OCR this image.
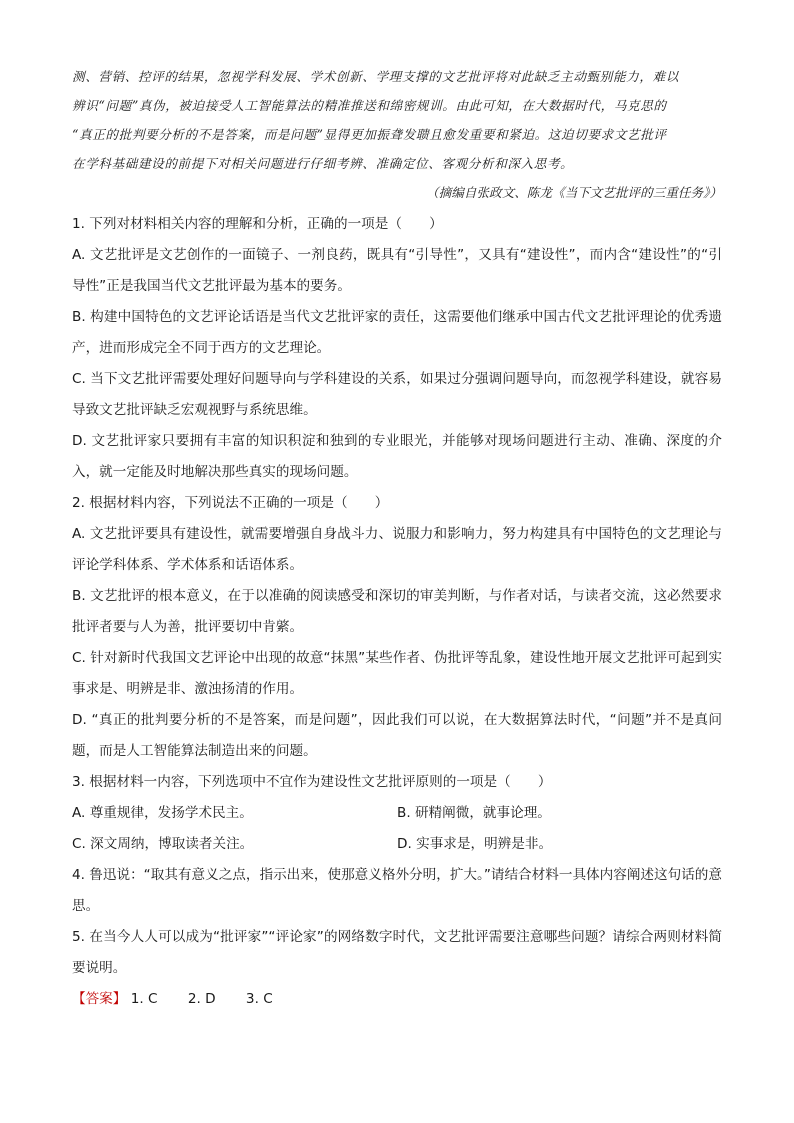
测、营销、控评的结果，忽视学科发展、学术创新、学理支撑的文艺批评将对此缺乏主动甄别能力，难以

辨识“问题”真伪，被迫接受人工智能算法的精准推送和绵密规训。由此可知，在大数据时代，马克思的

“真正的批判要分析的不是答案，而是问题”显得更加振聋发聩且愈发重要和紧迫。这迫切要求文艺批评

在学科基础建设的前提下对相关问题进行仔细考辨、准确定位、客观分析和深入思考。

（摘编自张政文、陈龙《当下文艺批评的三重任务》）

1. 下列对材料相关内容的理解和分析，正确的一项是（　　）

A. 文艺批评是文艺创作的一面镜子、一剂良药，既具有“引导性”，又具有“建设性”，而内含“建设性”的“引导性”正是我国当代文艺批评最为基本的要务。

B. 构建中国特色的文艺评论话语是当代文艺批评家的责任，这需要他们继承中国古代文艺批评理论的优秀遗产，进而形成完全不同于西方的文艺理论。

C. 当下文艺批评需要处理好问题导向与学科建设的关系，如果过分强调问题导向，而忽视学科建设，就容易导致文艺批评缺乏宏观视野与系统思维。

D. 文艺批评家只要拥有丰富的知识积淀和独到的专业眼光，并能够对现场问题进行主动、准确、深度的介入，就一定能及时地解决那些真实的现场问题。

2. 根据材料内容，下列说法不正确的一项是（　　）

A. 文艺批评要具有建设性，就需要增强自身战斗力、说服力和影响力，努力构建具有中国特色的文艺理论与评论学科体系、学术体系和话语体系。

B. 文艺批评的根本意义，在于以准确的阅读感受和深切的审美判断，与作者对话，与读者交流，这必然要求批评者要与人为善，批评要切中肯綮。

C. 针对新时代我国文艺评论中出现的故意“抹黑”某些作者、伪批评等乱象，建设性地开展文艺批评可起到实事求是、明辨是非、激浊扬清的作用。

D. “真正的批判要分析的不是答案，而是问题”，因此我们可以说，在大数据算法时代，“问题”并不是真问题，而是人工智能算法制造出来的问题。

3. 根据材料一内容，下列选项中不宜作为建设性文艺批评原则的一项是（　　）

A. 尊重规律，发扬学术民主。	B. 研精阐微，就事论理。
C. 深文周纳，博取读者关注。	D. 实事求是，明辨是非。

4. 鲁迅说：“取其有意义之点，指示出来，使那意义格外分明，扩大。”请结合材料一具体内容阐述这句话的意思。

5. 在当今人人可以成为“批评家”“评论家”的网络数字时代，文艺批评需要注意哪些问题？请综合两则材料简要说明。

【答案】 1. C 2. D 3. C
